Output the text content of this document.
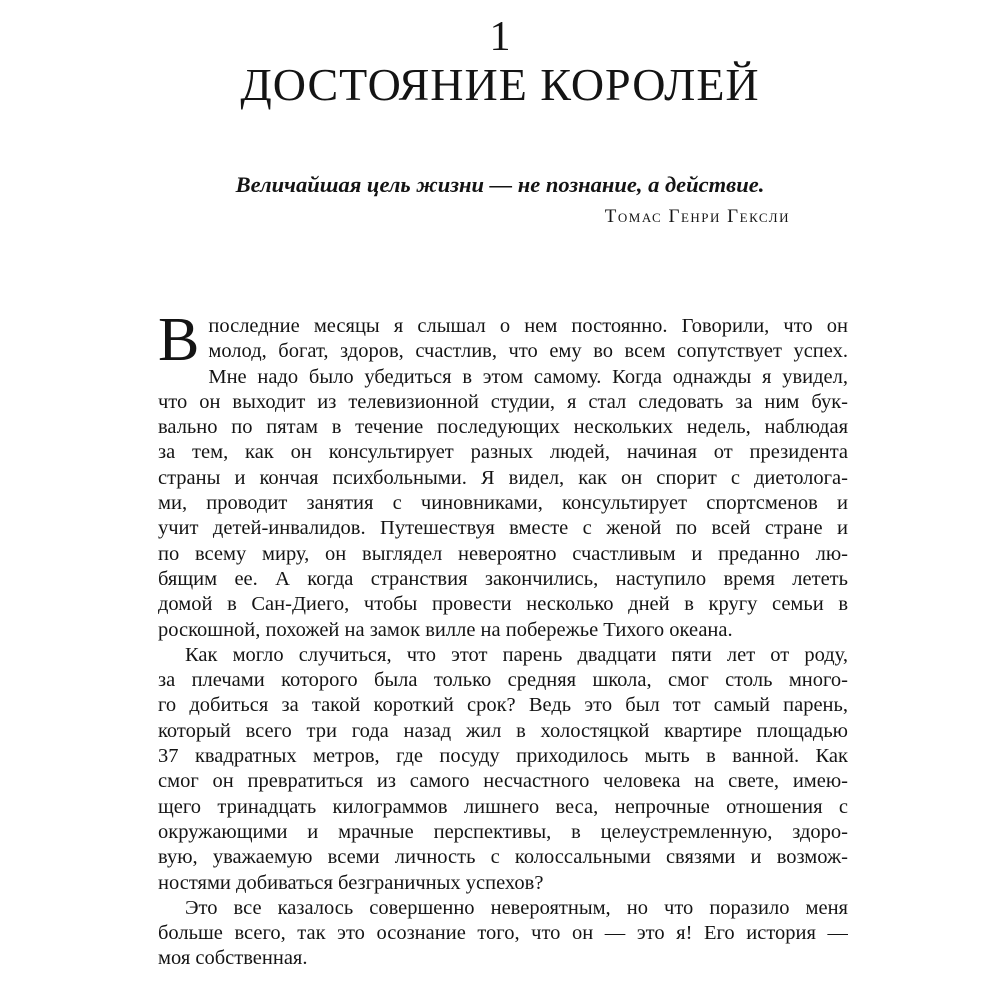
1
ДОСТОЯНИЕ КОРОЛЕЙ
Величайшая цель жизни — не познание, а действие.
Томас Генри Гексли
В последние месяцы я слышал о нем постоянно. Говорили, что он
молод, богат, здоров, счастлив, что ему во всем сопутствует успех.
Мне надо было убедиться в этом самому. Когда однажды я увидел,
что он выходит из телевизионной студии, я стал следовать за ним бук-
вально по пятам в течение последующих нескольких недель, наблюдая
за тем, как он консультирует разных людей, начиная от президента
страны и кончая психбольными. Я видел, как он спорит с диетолога-
ми, проводит занятия с чиновниками, консультирует спортсменов и
учит детей-инвалидов. Путешествуя вместе с женой по всей стране и
по всему миру, он выглядел невероятно счастливым и преданно лю-
бящим ее. А когда странствия закончились, наступило время лететь
домой в Сан-Диего, чтобы провести несколько дней в кругу семьи в
роскошной, похожей на замок вилле на побережье Тихого океана.
Как могло случиться, что этот парень двадцати пяти лет от роду,
за плечами которого была только средняя школа, смог столь много-
го добиться за такой короткий срок? Ведь это был тот самый парень,
который всего три года назад жил в холостяцкой квартире площадью
37 квадратных метров, где посуду приходилось мыть в ванной. Как
смог он превратиться из самого несчастного человека на свете, имею-
щего тринадцать килограммов лишнего веса, непрочные отношения с
окружающими и мрачные перспективы, в целеустремленную, здоро-
вую, уважаемую всеми личность с колоссальными связями и возмож-
ностями добиваться безграничных успехов?
Это все казалось совершенно невероятным, но что поразило меня
больше всего, так это осознание того, что он — это я! Его история —
моя собственная.
